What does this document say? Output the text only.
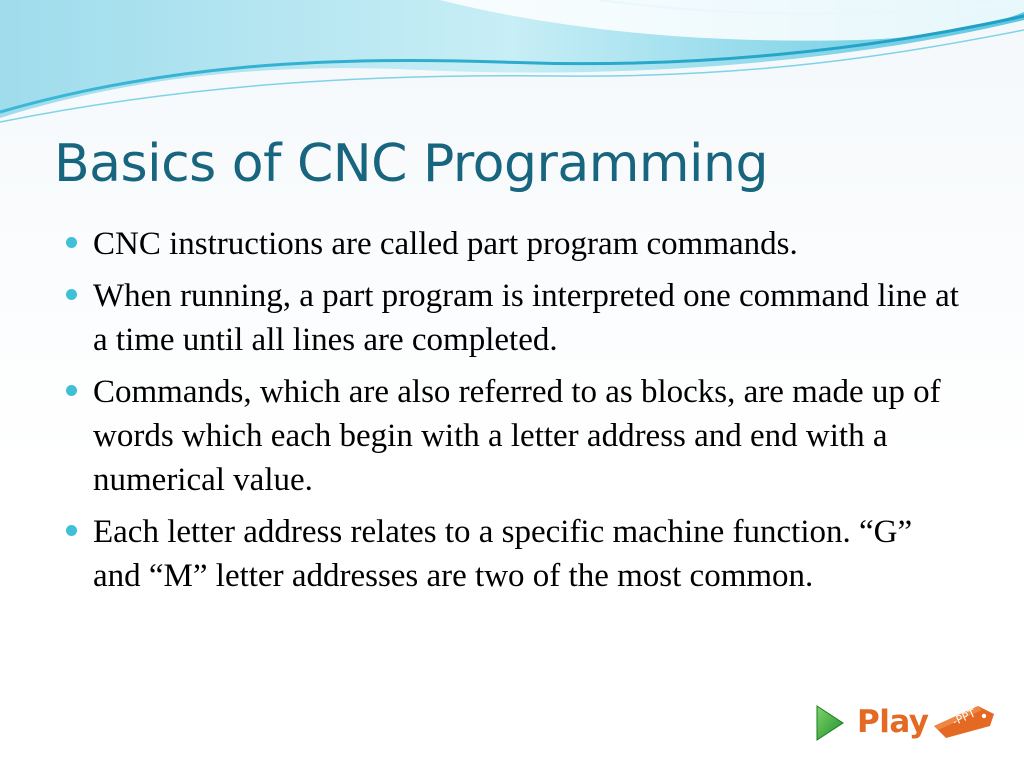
Basics of CNC Programming
CNC instructions are called part program commands.
When running, a part program is interpreted one command line at a time until all lines are completed.
Commands, which are also referred to as blocks, are made up of words which each begin with a letter address and end with a numerical value.
Each letter address relates to a specific machine function. “G” and “M” letter addresses are two of the most common.
Play -PPT
